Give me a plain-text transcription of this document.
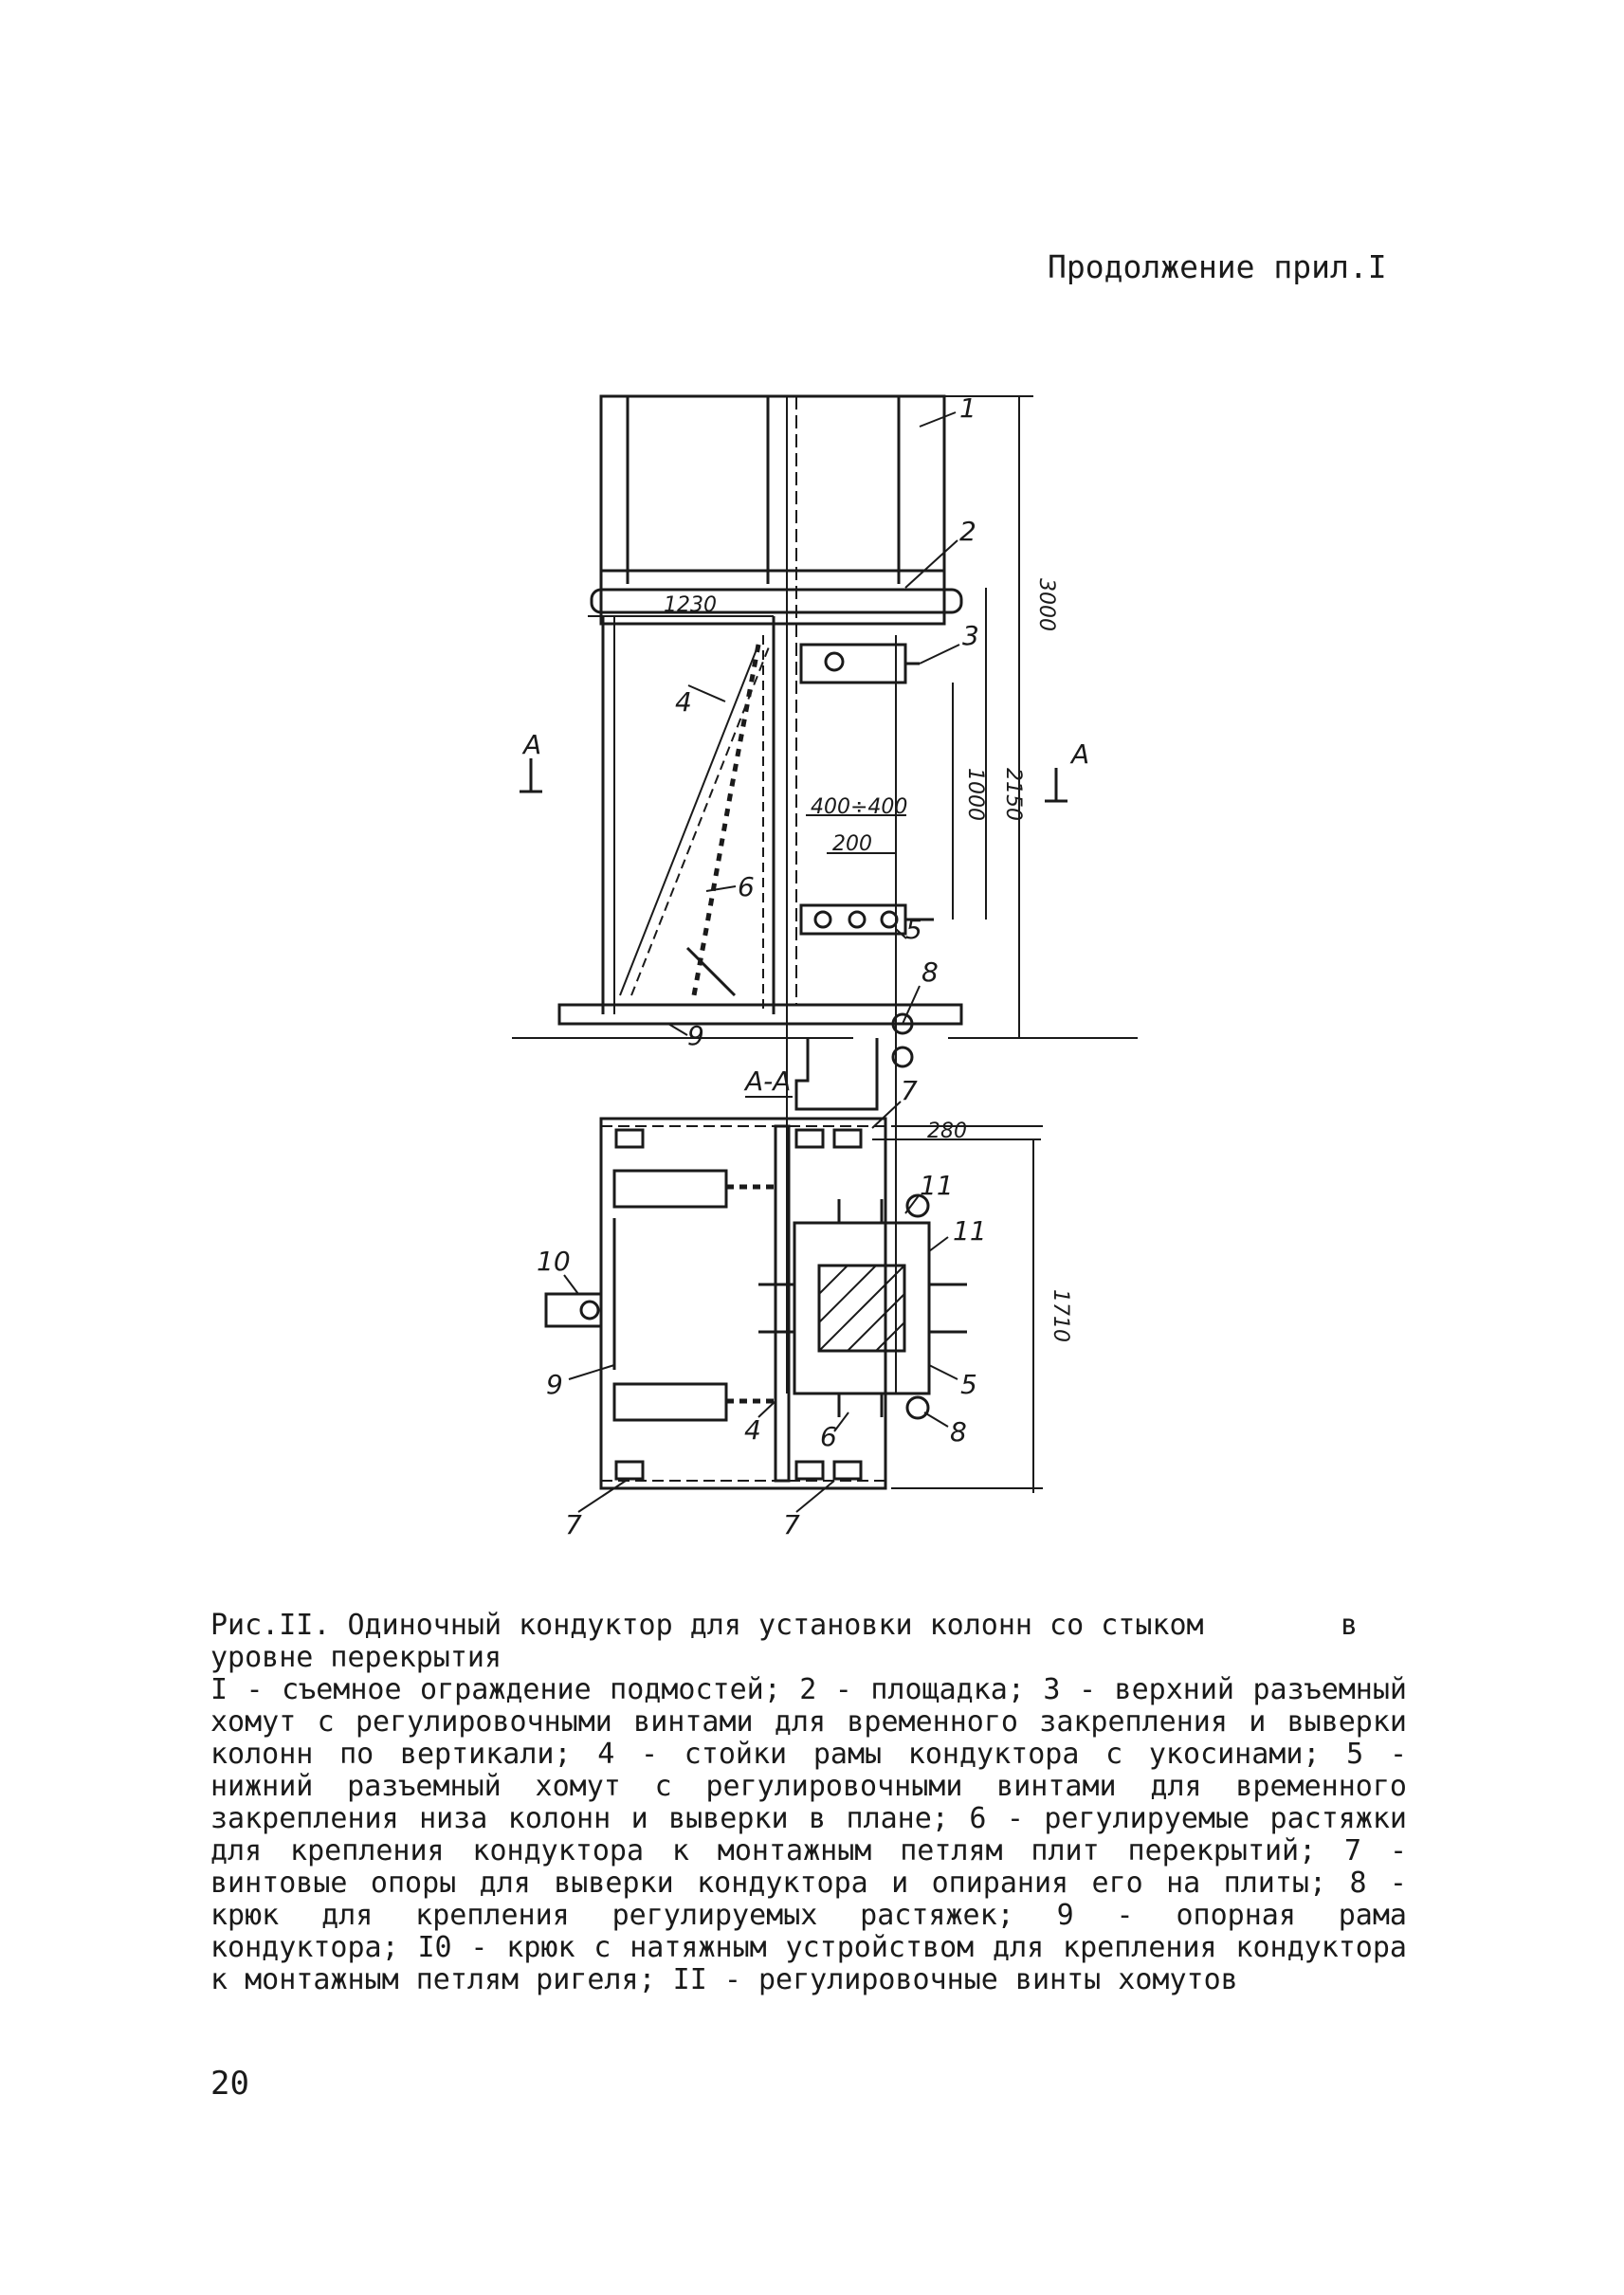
Продолжение прил.I
1
2
3
4
5
6
8
9
А	А
А-А	7
11
11
10
5
9
4 6	8
7	7
1230
400÷400
200
280
3000
2150
1000
1710

Рис.II. Одиночный кондуктор для установки колонн со стыком        в уровне перекрытия

I - съемное ограждение подмостей; 2 - площадка; 3 - верхний разъемный хомут с регулировочными винтами для временного закрепления и выверки колонн по вертикали; 4 - стойки рамы кондуктора с укосинами; 5 - нижний разъемный хомут с регулировочными винтами для временного закрепления низа колонн и выверки в плане; 6 - регулируемые растяжки для крепления кондуктора к монтажным петлям плит перекрытий; 7 - винтовые опоры для выверки кондуктора и опирания его на плиты; 8 - крюк для крепления регулируемых растяжек; 9 - опорная рама кондуктора; I0 - крюк с натяжным устройством для крепления кондуктора к монтажным петлям ригеля; II - регулировочные винты хомутов

20
